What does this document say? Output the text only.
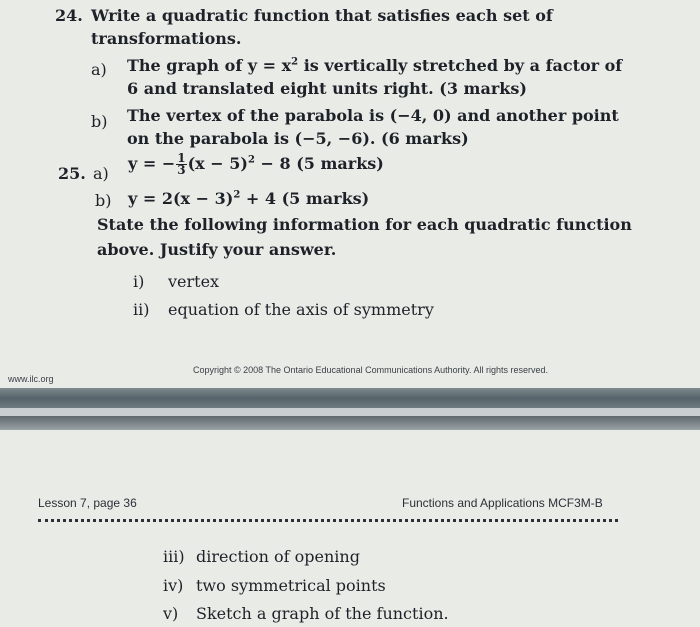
24. Write a quadratic function that satisfies each set of
transformations.
a) The graph of $y = x^2$ is vertically stretched by a factor of
6 and translated eight units right. (3 marks)
b) The vertex of the parabola is (−4, 0) and another point
on the parabola is (−5, −6). (6 marks)
25. a)
y = − $\frac{1}{3} (x - 5)^2 - 8$ (5 marks)
b) $y = 2(x - 3)^2 + 4$ (5 marks)
State the following information for each quadratic function
above. Justify your answer.
i) vertex
ii) equation of the axis of symmetry
www.ilc.org
Copyright © 2008 The Ontario Educational Communications Authority. All rights reserved.
Lesson 7, page 36	Functions and Applications MCF3M-B
iii) direction of opening
iv) two symmetrical points
v) Sketch a graph of the function.
